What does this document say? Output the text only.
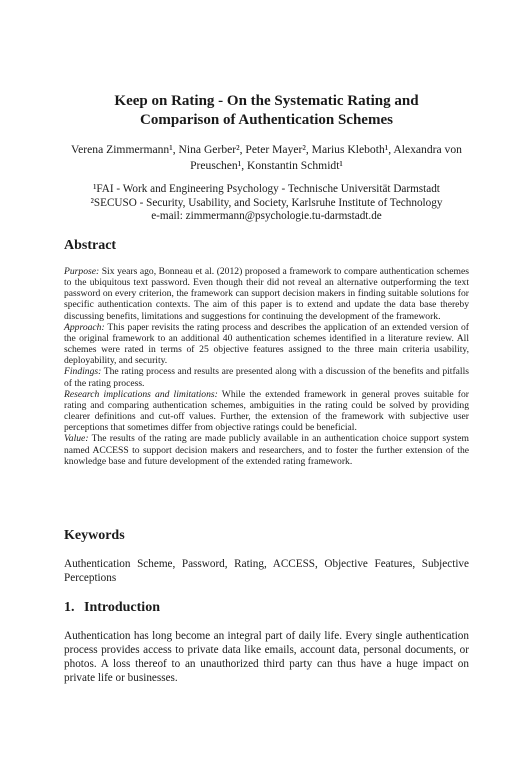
Keep on Rating - On the Systematic Rating and
Comparison of Authentication Schemes
Verena Zimmermann¹, Nina Gerber², Peter Mayer², Marius Kleboth¹, Alexandra von
Preuschen¹, Konstantin Schmidt¹
¹FAI - Work and Engineering Psychology - Technische Universität Darmstadt
²SECUSO - Security, Usability, and Society, Karlsruhe Institute of Technology
e-mail: zimmermann@psychologie.tu-darmstadt.de
Abstract

Purpose: Six years ago, Bonneau et al. (2012) proposed a framework to compare authentication schemes to the ubiquitous text password. Even though their did not reveal an alternative outperforming the text password on every criterion, the framework can support decision makers in finding suitable solutions for specific authentication contexts. The aim of this paper is to extend and update the data base thereby discussing benefits, limitations and suggestions for continuing the development of the framework.

Approach: This paper revisits the rating process and describes the application of an extended version of the original framework to an additional 40 authentication schemes identified in a literature review. All schemes were rated in terms of 25 objective features assigned to the three main criteria usability, deployability, and security.

Findings: The rating process and results are presented along with a discussion of the benefits and pitfalls of the rating process.

Research implications and limitations: While the extended framework in general proves suitable for rating and comparing authentication schemes, ambiguities in the rating could be solved by providing clearer definitions and cut-off values. Further, the extension of the framework with subjective user perceptions that sometimes differ from objective ratings could be beneficial.

Value: The results of the rating are made publicly available in an authentication choice support system named ACCESS to support decision makers and researchers, and to foster the further extension of the knowledge base and future development of the extended rating framework.

Keywords

Authentication Scheme, Password, Rating, ACCESS, Objective Features, Subjective Perceptions

1. Introduction

Authentication has long become an integral part of daily life. Every single authentication process provides access to private data like emails, account data, personal documents, or photos. A loss thereof to an unauthorized third party can thus have a huge impact on private life or businesses.
